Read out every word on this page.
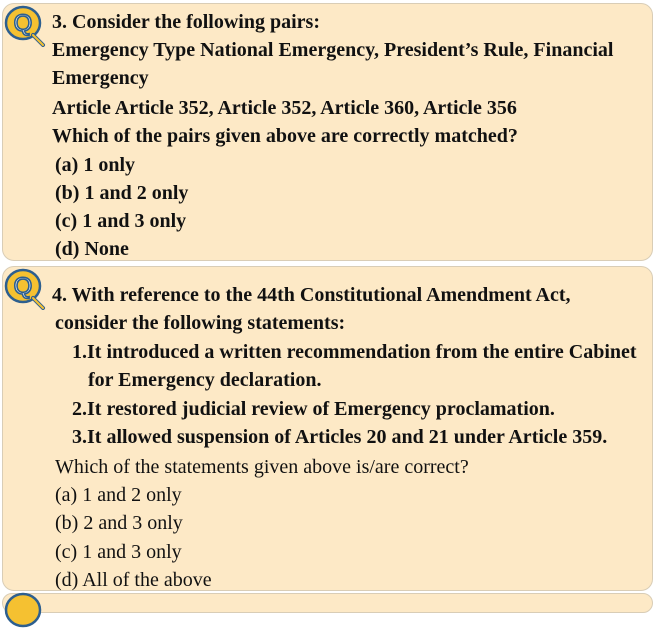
Q 3. Consider the following pairs:
Emergency Type National Emergency, President’s Rule, Financial
Emergency
Article Article 352, Article 352, Article 360, Article 356
Which of the pairs given above are correctly matched?
(a) 1 only
(b) 1 and 2 only
(c) 1 and 3 only
(d) None
Q 4. With reference to the 44th Constitutional Amendment Act,
consider the following statements:
1.It introduced a written recommendation from the entire Cabinet
for Emergency declaration.
2.It restored judicial review of Emergency proclamation.
3.It allowed suspension of Articles 20 and 21 under Article 359.
Which of the statements given above is/are correct?
(a) 1 and 2 only
(b) 2 and 3 only
(c) 1 and 3 only
(d) All of the above
